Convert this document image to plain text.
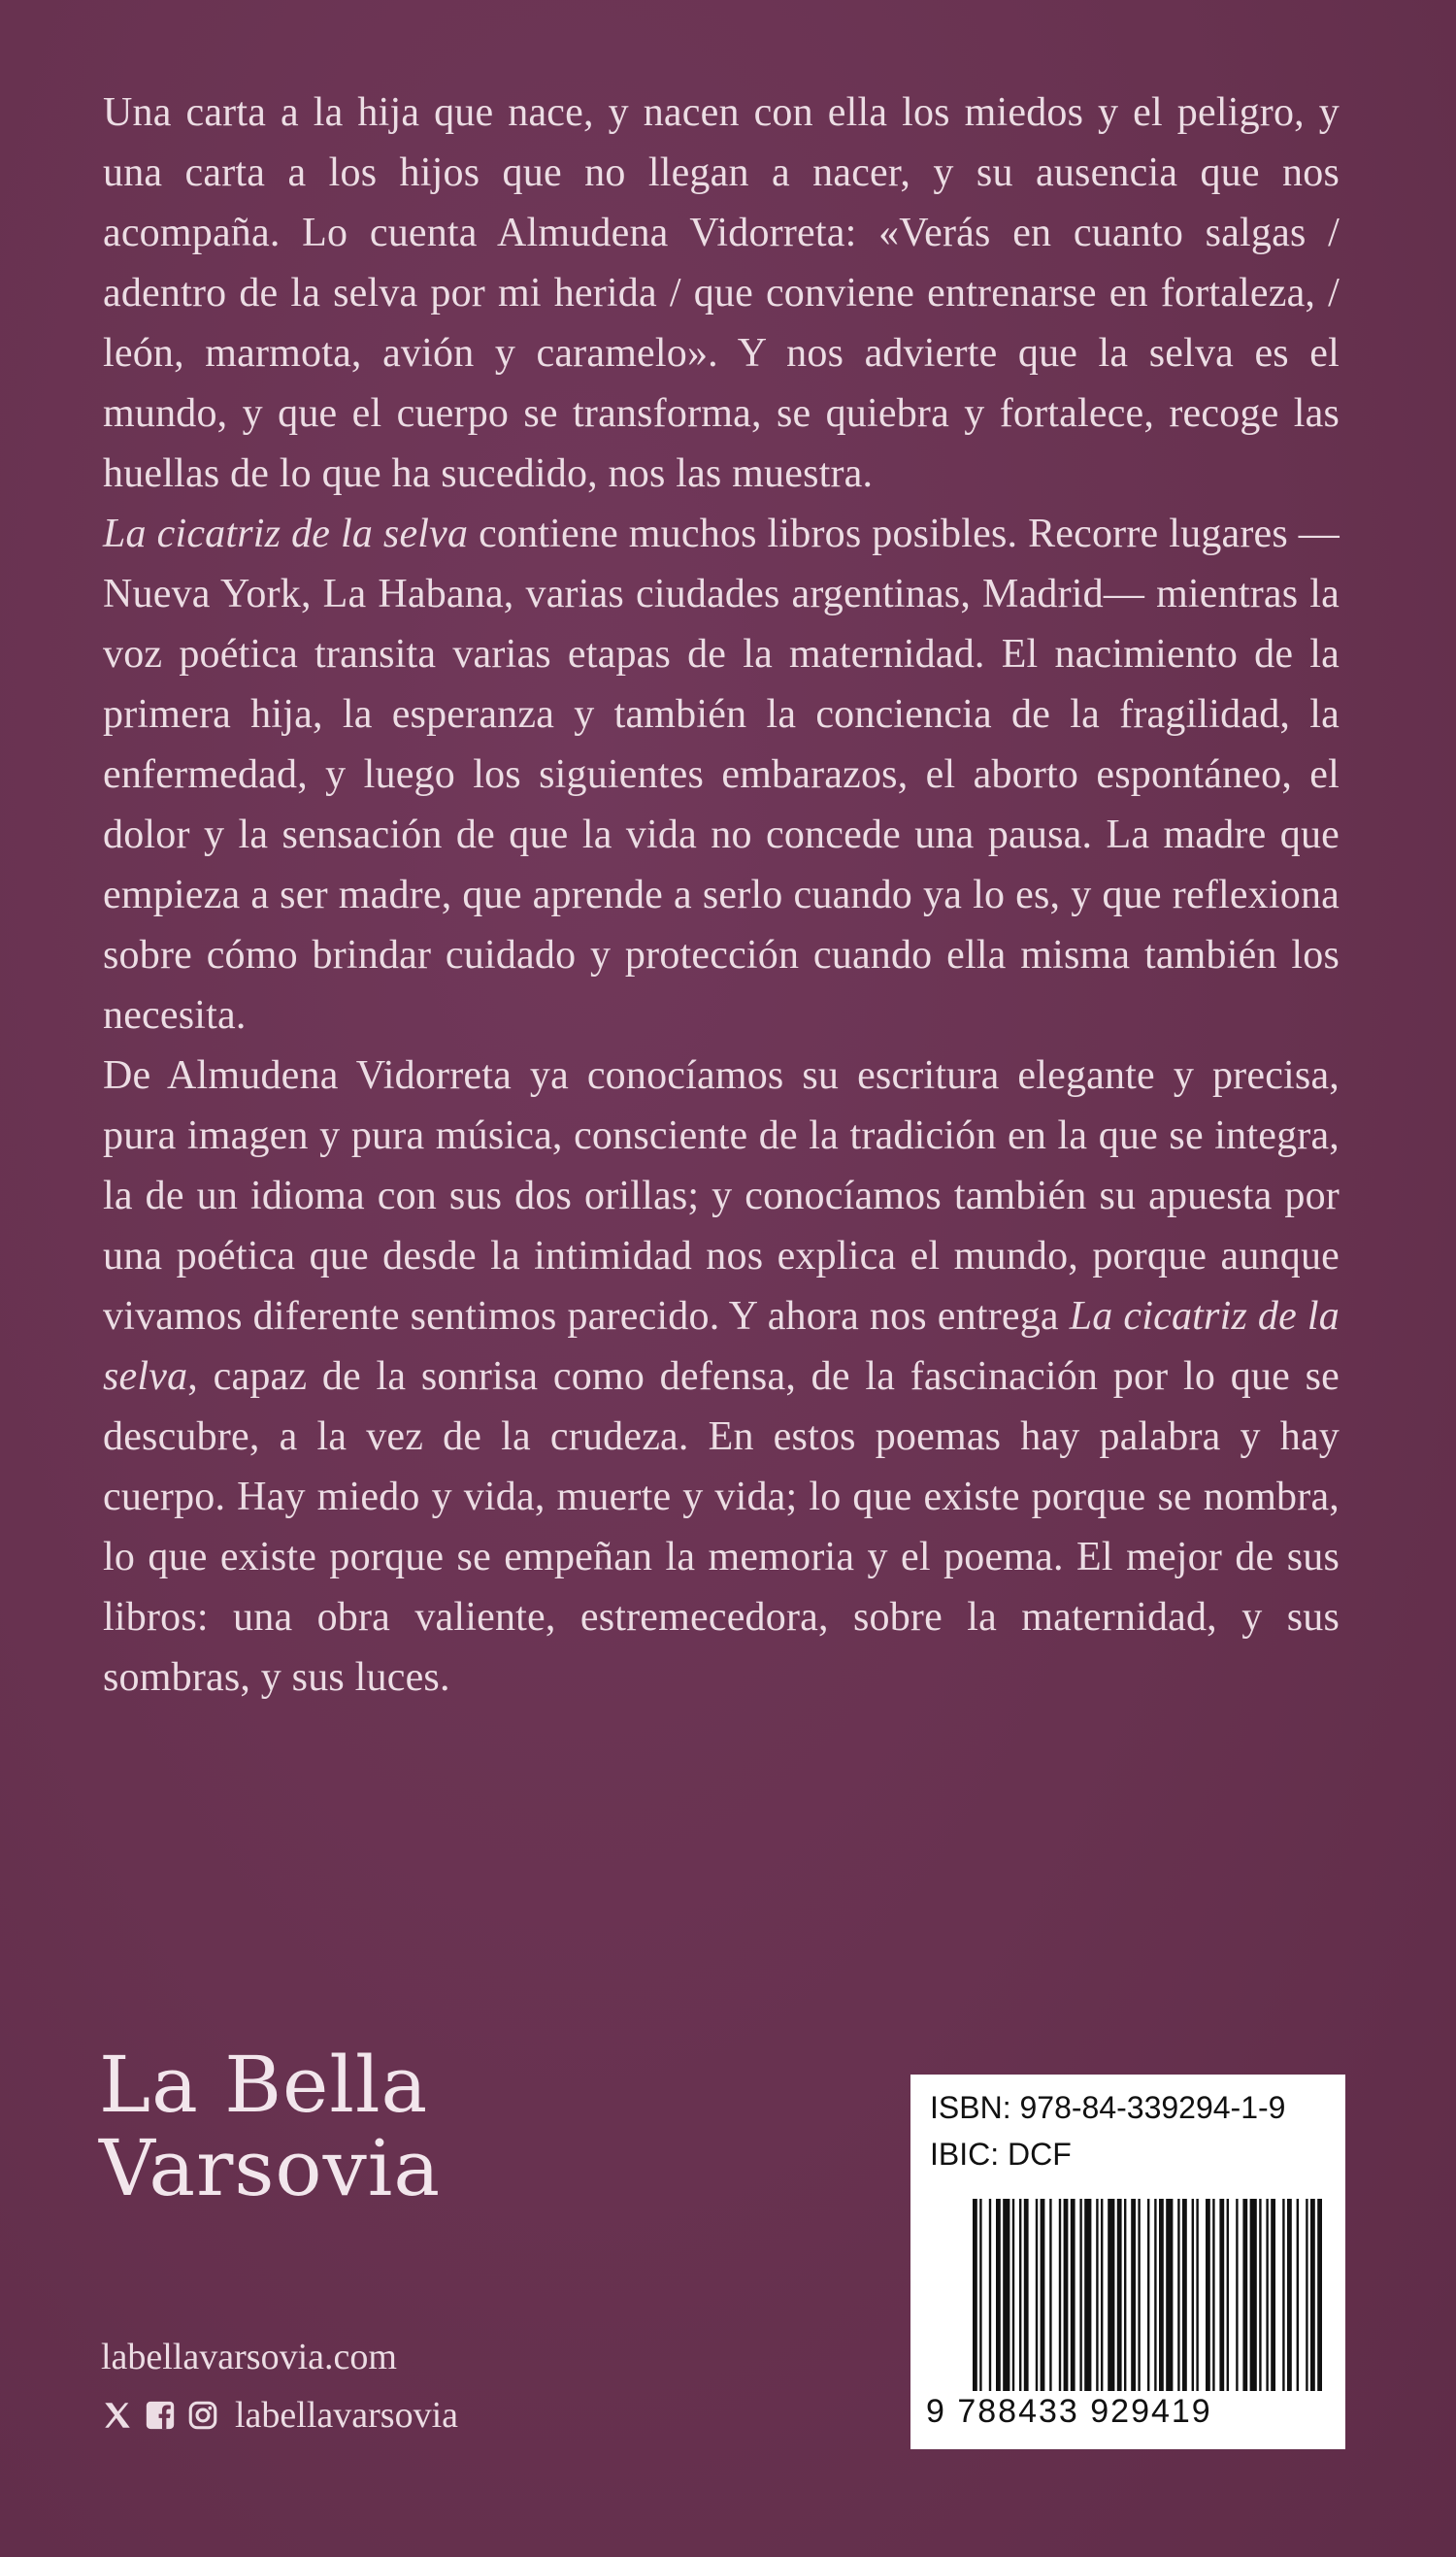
Una carta a la hija que nace, y nacen con ella los miedos y el peligro, y una carta a los hijos que no llegan a nacer, y su ausencia que nos acompaña. Lo cuenta Almudena Vidorreta: «Verás en cuanto salgas / adentro de la selva por mi herida / que conviene entrenarse en fortaleza, / león, marmota, avión y caramelo». Y nos advierte que la selva es el mundo, y que el cuerpo se transforma, se quiebra y fortalece, recoge las huellas de lo que ha sucedido, nos las muestra.

La cicatriz de la selva contiene muchos libros posibles. Recorre lugares —Nueva York, La Habana, varias ciudades argentinas, Madrid— mientras la voz poética transita varias etapas de la maternidad. El nacimiento de la primera hija, la esperanza y también la conciencia de la fragilidad, la enfermedad, y luego los siguientes embarazos, el aborto espontáneo, el dolor y la sensación de que la vida no concede una pausa. La madre que empieza a ser madre, que aprende a serlo cuando ya lo es, y que reflexiona sobre cómo brindar cuidado y protección cuando ella misma también los necesita.

De Almudena Vidorreta ya conocíamos su escritura elegante y precisa, pura imagen y pura música, consciente de la tradición en la que se integra, la de un idioma con sus dos orillas; y conocíamos también su apuesta por una poética que desde la intimidad nos explica el mundo, porque aunque vivamos diferente sentimos parecido. Y ahora nos entrega La cicatriz de la selva, capaz de la sonrisa como defensa, de la fascinación por lo que se descubre, a la vez de la crudeza. En estos poemas hay palabra y hay cuerpo. Hay miedo y vida, muerte y vida; lo que existe porque se nombra, lo que existe porque se empeñan la memoria y el poema. El mejor de sus libros: una obra valiente, estremecedora, sobre la maternidad, y sus sombras, y sus luces.

La Bella
Varsovia
labellavarsovia.com
labellavarsovia
ISBN: 978-84-339294-1-9
IBIC: DCF
9 788433 929419
